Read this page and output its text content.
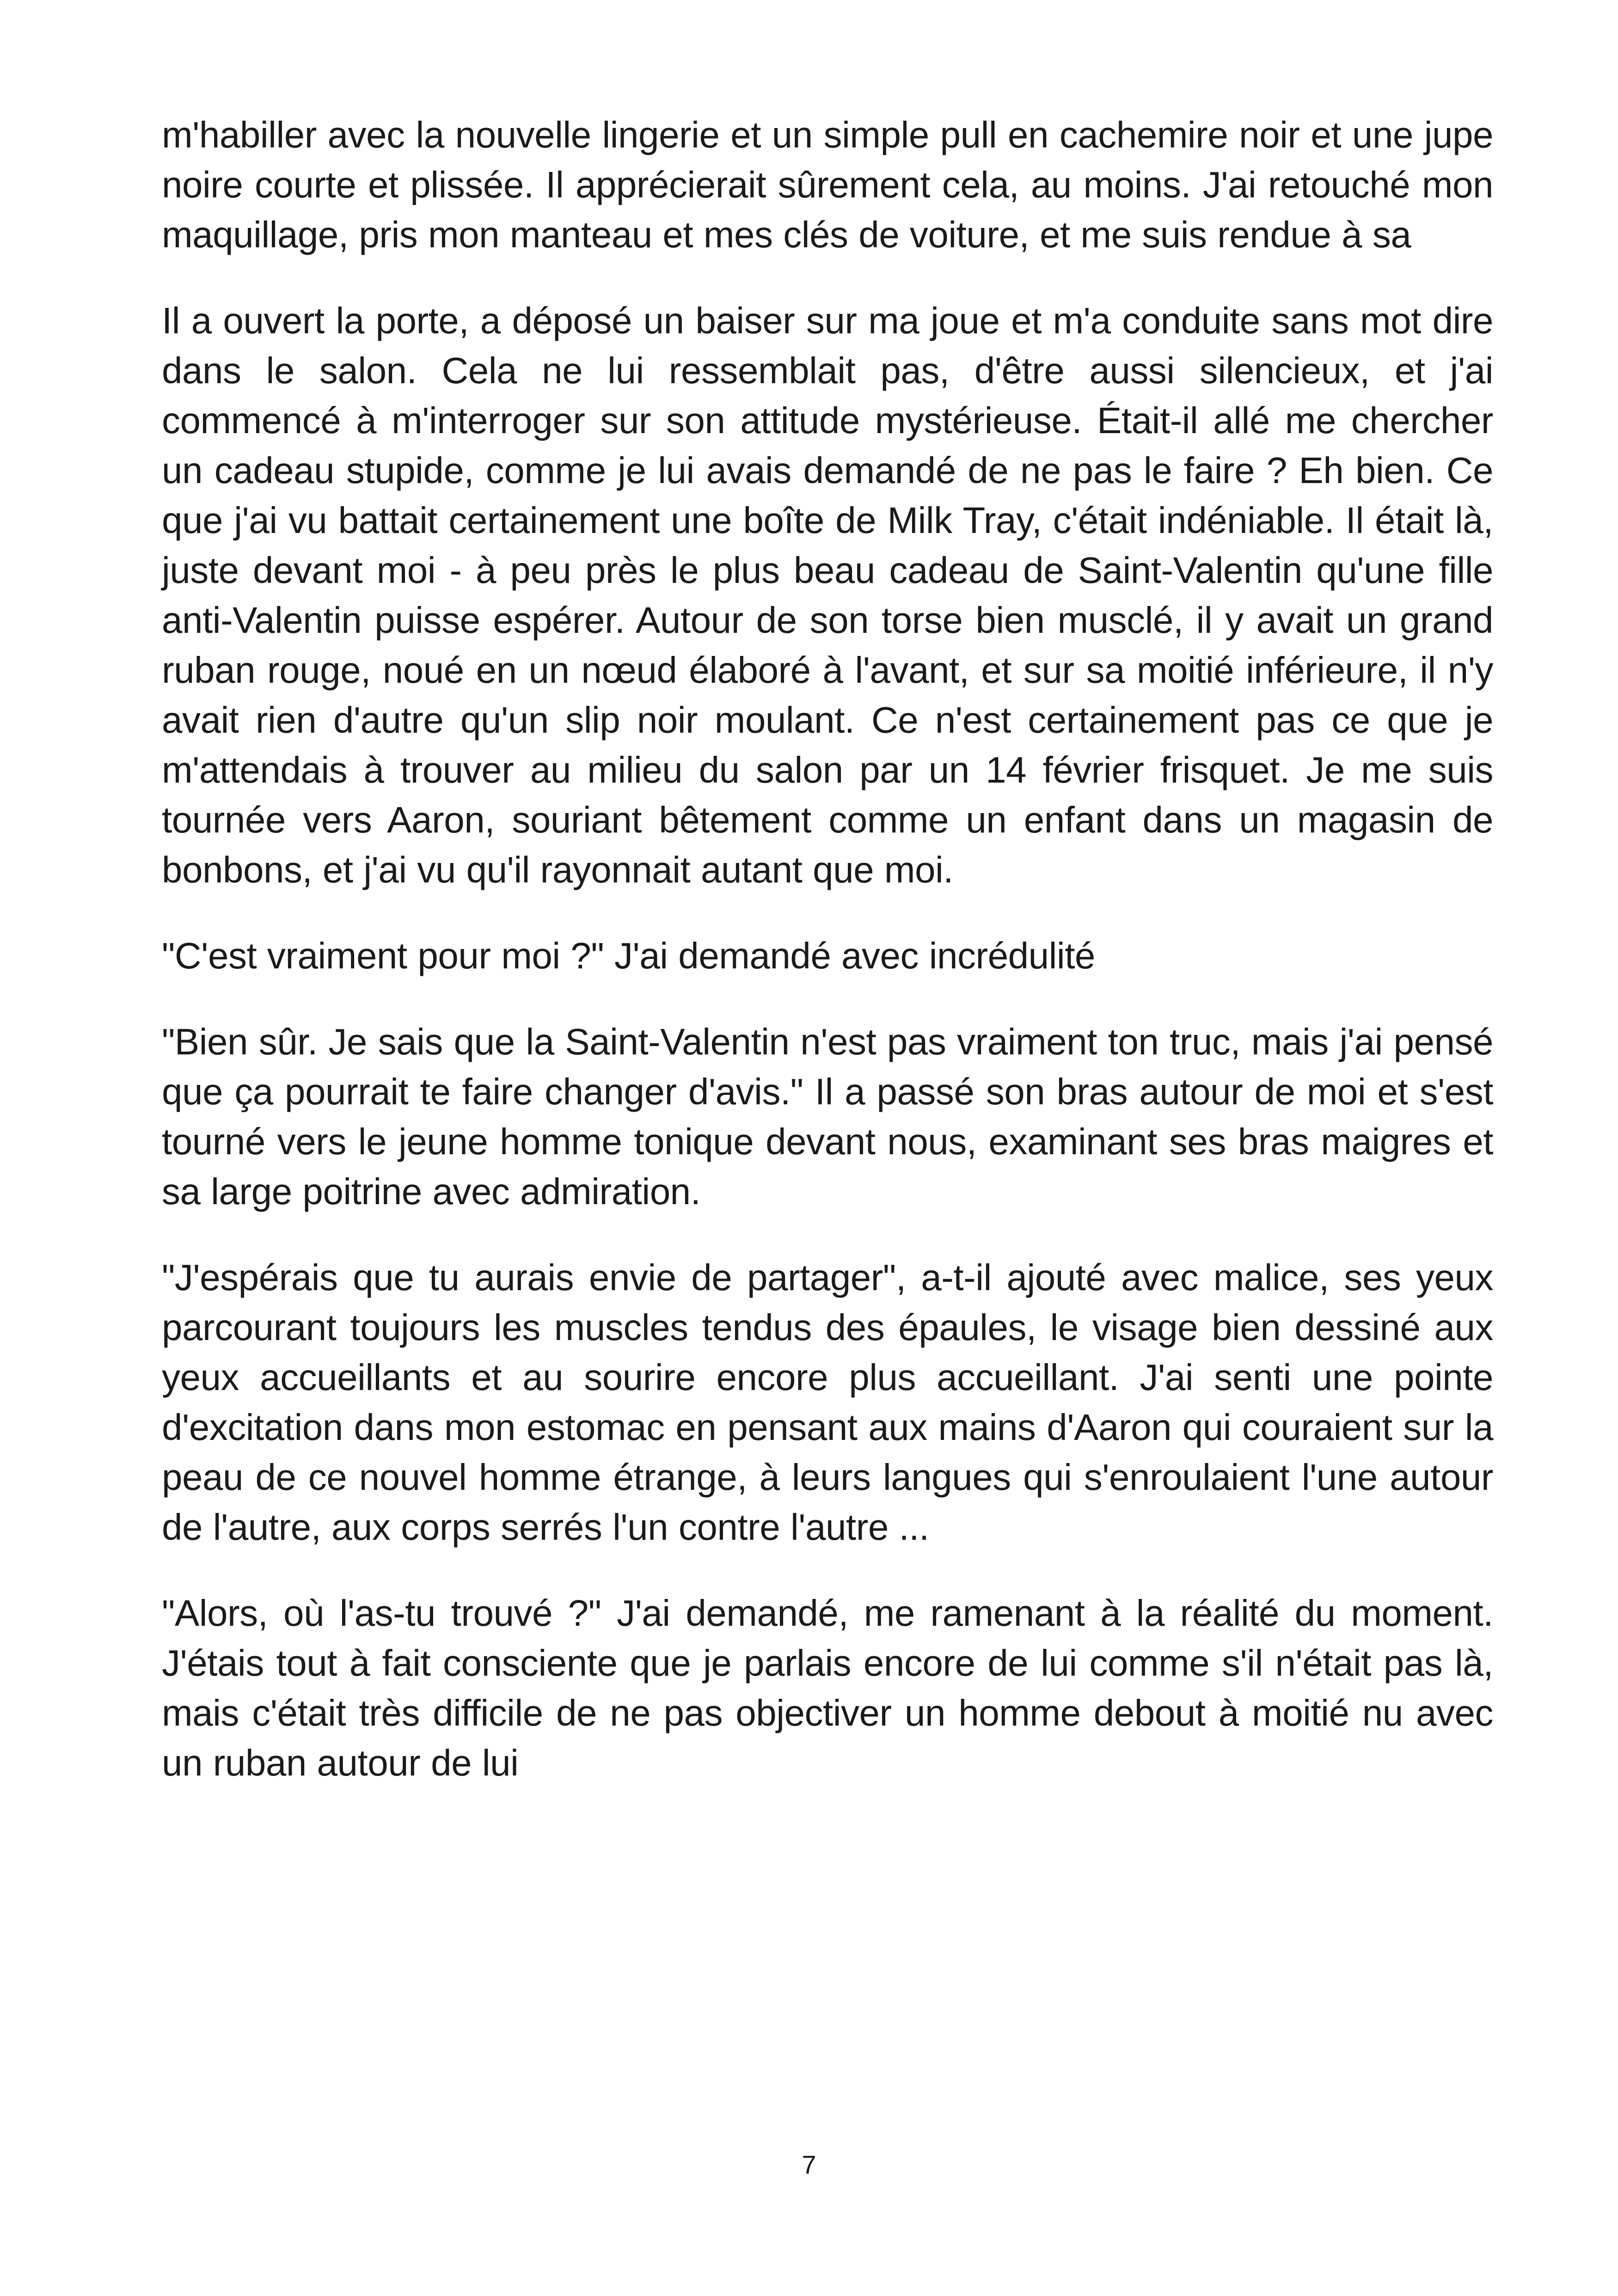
m'habiller avec la nouvelle lingerie et un simple pull en cachemire noir et une jupe noire courte et plissée. Il apprécierait sûrement cela, au moins. J'ai retouché mon maquillage, pris mon manteau et mes clés de voiture, et me suis rendue à sa

Il a ouvert la porte, a déposé un baiser sur ma joue et m'a conduite sans mot dire dans le salon. Cela ne lui ressemblait pas, d'être aussi silencieux, et j'ai commencé à m'interroger sur son attitude mystérieuse. Était-il allé me chercher un cadeau stupide, comme je lui avais demandé de ne pas le faire ? Eh bien. Ce que j'ai vu battait certainement une boîte de Milk Tray, c'était indéniable. Il était là, juste devant moi - à peu près le plus beau cadeau de Saint-Valentin qu'une fille anti-Valentin puisse espérer. Autour de son torse bien musclé, il y avait un grand ruban rouge, noué en un nœud élaboré à l'avant, et sur sa moitié inférieure, il n'y avait rien d'autre qu'un slip noir moulant. Ce n'est certainement pas ce que je m'attendais à trouver au milieu du salon par un 14 février frisquet. Je me suis tournée vers Aaron, souriant bêtement comme un enfant dans un magasin de bonbons, et j'ai vu qu'il rayonnait autant que moi.

"C'est vraiment pour moi ?" J'ai demandé avec incrédulité

"Bien sûr. Je sais que la Saint-Valentin n'est pas vraiment ton truc, mais j'ai pensé que ça pourrait te faire changer d'avis." Il a passé son bras autour de moi et s'est tourné vers le jeune homme tonique devant nous, examinant ses bras maigres et sa large poitrine avec admiration.

"J'espérais que tu aurais envie de partager", a-t-il ajouté avec malice, ses yeux parcourant toujours les muscles tendus des épaules, le visage bien dessiné aux yeux accueillants et au sourire encore plus accueillant. J'ai senti une pointe d'excitation dans mon estomac en pensant aux mains d'Aaron qui couraient sur la peau de ce nouvel homme étrange, à leurs langues qui s'enroulaient l'une autour de l'autre, aux corps serrés l'un contre l'autre ...

"Alors, où l'as-tu trouvé ?" J'ai demandé, me ramenant à la réalité du moment. J'étais tout à fait consciente que je parlais encore de lui comme s'il n'était pas là, mais c'était très difficile de ne pas objectiver un homme debout à moitié nu avec un ruban autour de lui

7
